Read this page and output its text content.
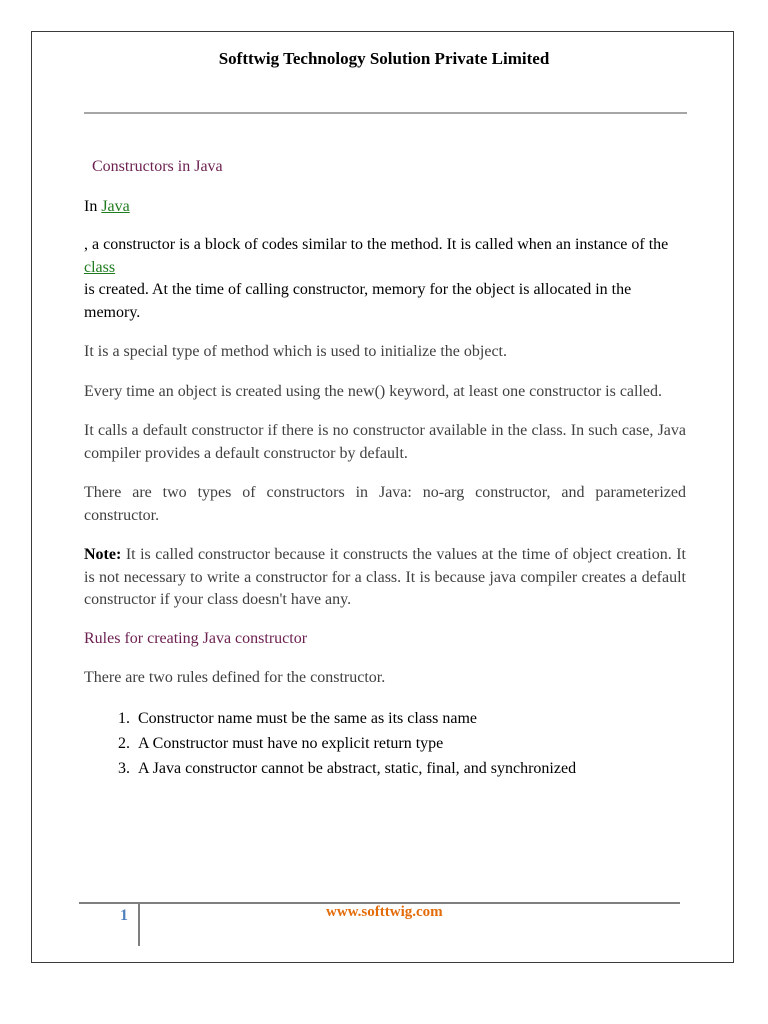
Softtwig Technology Solution Private Limited

Constructors in Java

In Java

, a constructor is a block of codes similar to the method. It is called when an instance of the class
is created. At the time of calling constructor, memory for the object is allocated in the memory.

It is a special type of method which is used to initialize the object.

Every time an object is created using the new() keyword, at least one constructor is called.

It calls a default constructor if there is no constructor available in the class. In such case, Java compiler provides a default constructor by default.

There are two types of constructors in Java: no-arg constructor, and parameterized constructor.

Note: It is called constructor because it constructs the values at the time of object creation. It is not necessary to write a constructor for a class. It is because java compiler creates a default constructor if your class doesn't have any.

Rules for creating Java constructor

There are two rules defined for the constructor.

1. Constructor name must be the same as its class name
2. A Constructor must have no explicit return type
3. A Java constructor cannot be abstract, static, final, and synchronized
1	www.softtwig.com
